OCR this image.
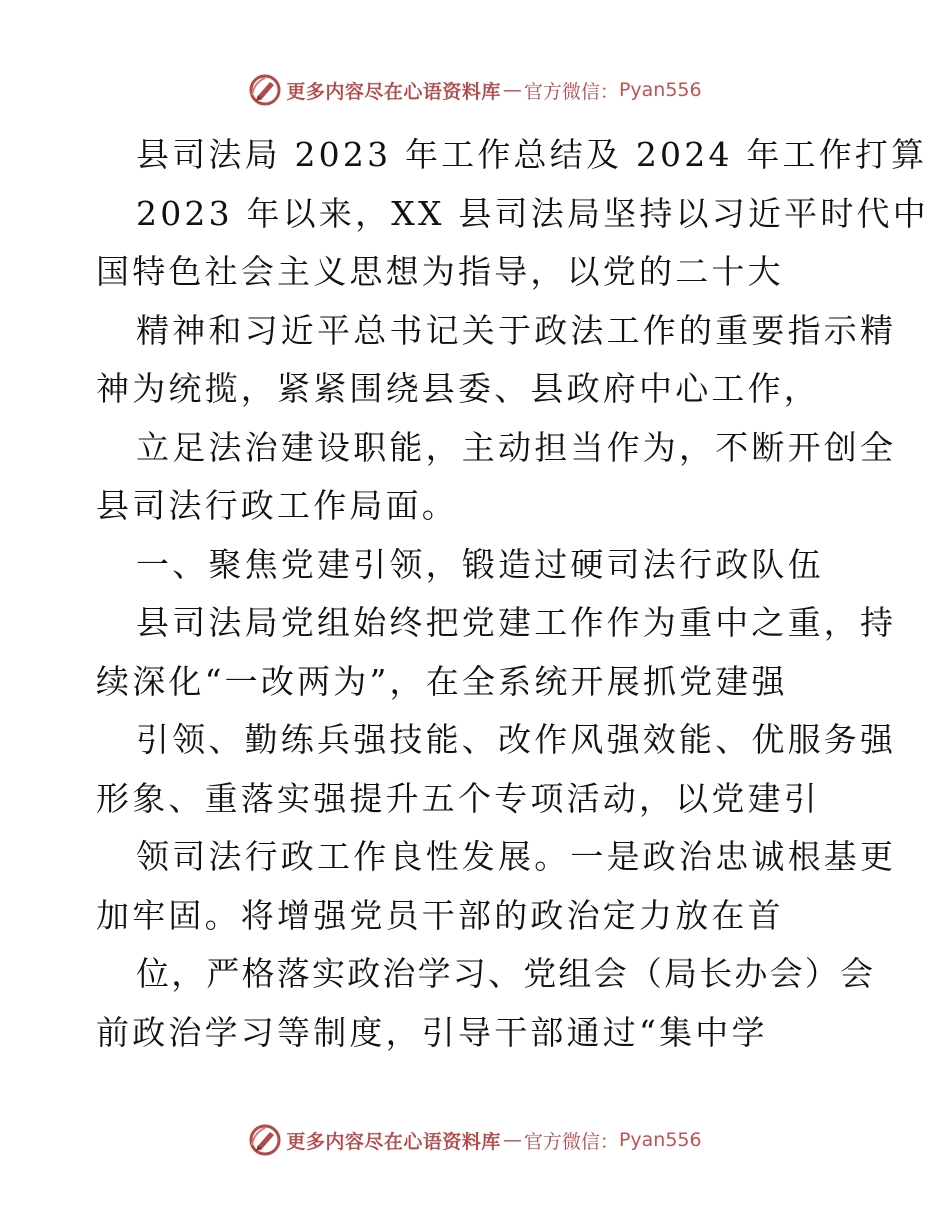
更多内容尽在心语资料库 — 官方微信： Pyan556
县司法局 2023 年工作总结及 2024 年工作打算
2023 年以来，XX 县司法局坚持以习近平时代中
国特色社会主义思想为指导，以党的二十大
精神和习近平总书记关于政法工作的重要指示精
神为统揽，紧紧围绕县委、县政府中心工作，
立足法治建设职能，主动担当作为，不断开创全
县司法行政工作局面。
一、聚焦党建引领，锻造过硬司法行政队伍
县司法局党组始终把党建工作作为重中之重，持
续深化“一改两为”，在全系统开展抓党建强
引领、勤练兵强技能、改作风强效能、优服务强
形象、重落实强提升五个专项活动，以党建引
领司法行政工作良性发展。一是政治忠诚根基更
加牢固。将增强党员干部的政治定力放在首
位，严格落实政治学习、党组会（局长办会）会
前政治学习等制度，引导干部通过“集中学
更多内容尽在心语资料库 — 官方微信： Pyan556
